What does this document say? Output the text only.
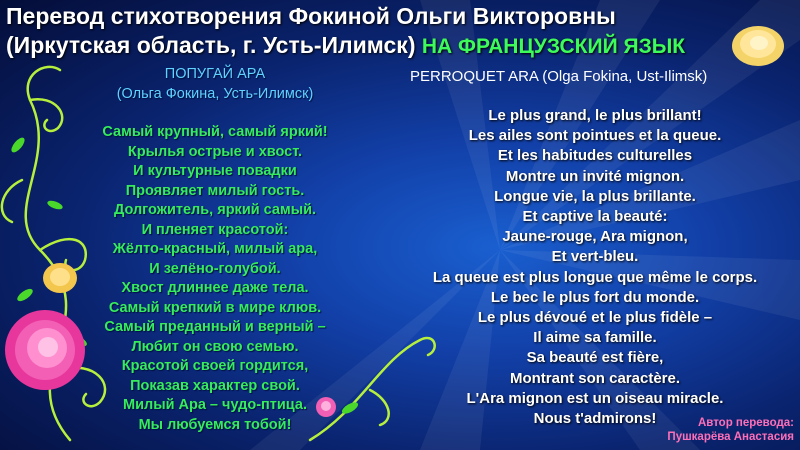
Перевод стихотворения Фокиной Ольги Викторовны
(Иркутская область, г. Усть-Илимск) НА ФРАНЦУЗСКИЙ ЯЗЫК
ПОПУГАЙ АРА
(Ольга Фокина, Усть-Илимск)
Самый крупный, самый яркий!
Крылья острые и хвост.
И культурные повадки
Проявляет милый гость.
Долгожитель, яркий самый.
И пленяет красотой:
Жёлто-красный, милый ара,
И зелёно-голубой.
Хвост длиннее даже тела.
Самый крепкий в мире клюв.
Самый преданный и верный –
Любит он свою семью.
Красотой своей гордится,
Показав характер свой.
Милый Ара – чудо-птица.
Мы любуемся тобой!
PERROQUET ARA (Olga Fokina, Ust-Ilimsk)
Le plus grand, le plus brillant!
Les ailes sont pointues et la queue.
Et les habitudes culturelles
Montre un invité mignon.
Longue vie, la plus brillante.
Et captive la beauté:
Jaune-rouge, Ara mignon,
Et vert-bleu.
La queue est plus longue que même le corps.
Le bec le plus fort du monde.
Le plus dévoué et le plus fidèle –
Il aime sa famille.
Sa beauté est fière,
Montrant son caractère.
L'Ara mignon est un oiseau miracle.
Nous t'admirons!	Автор перевода:
Пушкарёва Анастасия
